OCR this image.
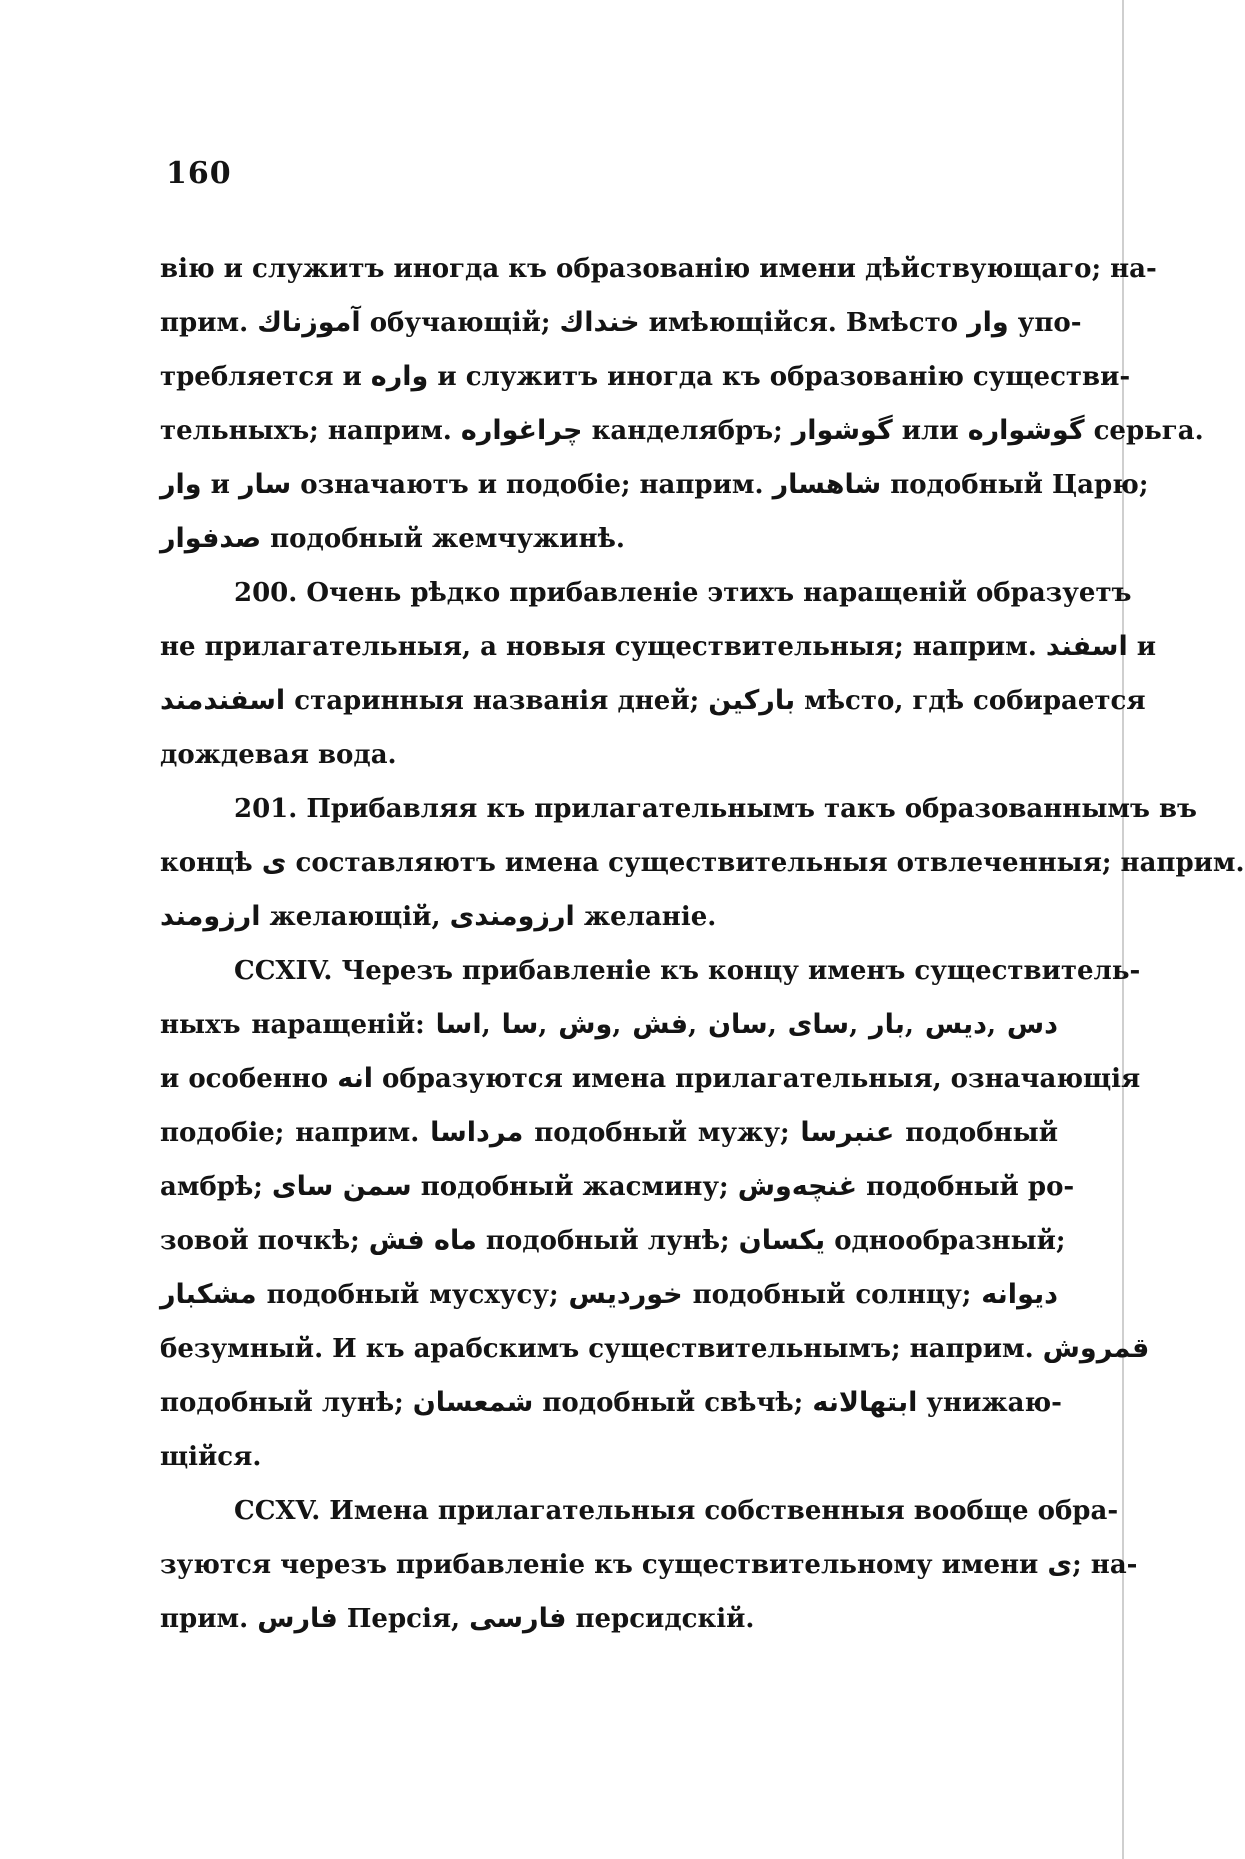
160
вію и служитъ иногда къ образованію имени дѣйствующаго; на-
прим. آموزناك обучающій; خنداك имѣющійся. Вмѣсто وار упо-
требляется и واره и служитъ иногда къ образованію существи-
тельныхъ; наприм. چراغواره канделябръ; گوشوار или گوشواره серьга.
وار и سار означаютъ и подобіе; наприм. شاهسار подобный Царю;
صدفوار подобный жемчужинѣ.
200. Очень рѣдко прибавленіе этихъ наращеній образуетъ
не прилагательныя, а новыя существительныя; наприм. اسفند и
اسفندمند старинныя названія дней; بارکین мѣсто, гдѣ собирается
дождевая вода.
201. Прибавляя къ прилагательнымъ такъ образованнымъ въ
концѣ ى составляютъ имена существительныя отвлеченныя; наприм.
ارزومند желающій, ارزومندى желаніе.
CCXIV. Черезъ прибавленіе къ концу именъ существитель-
ныхъ наращеній: اسا, سا, وش, فش, سان, سای, بار, دیس, دس
и особенно انه образуются имена прилагательныя, означающія
подобіе; наприм. مرداسا подобный мужу; عنبرسا подобный
амбрѣ; سمن سای подобный жасмину; غنچه‌وش подобный ро-
зовой почкѣ; ماه فش подобный лунѣ; یکسان однообразный;
مشکبار подобный мусхусу; خورديس подобный солнцу; دیوانه
безумный. И къ арабскимъ существительнымъ; наприм. قمروش
подобный лунѣ; شمعسان подобный свѣчѣ; ابتهالانه унижаю-
щійся.
CCXV. Имена прилагательныя собственныя вообще обра-
зуются черезъ прибавленіе къ существительному имени ى; на-
прим. فارس Персія, فارسى персидскій.
